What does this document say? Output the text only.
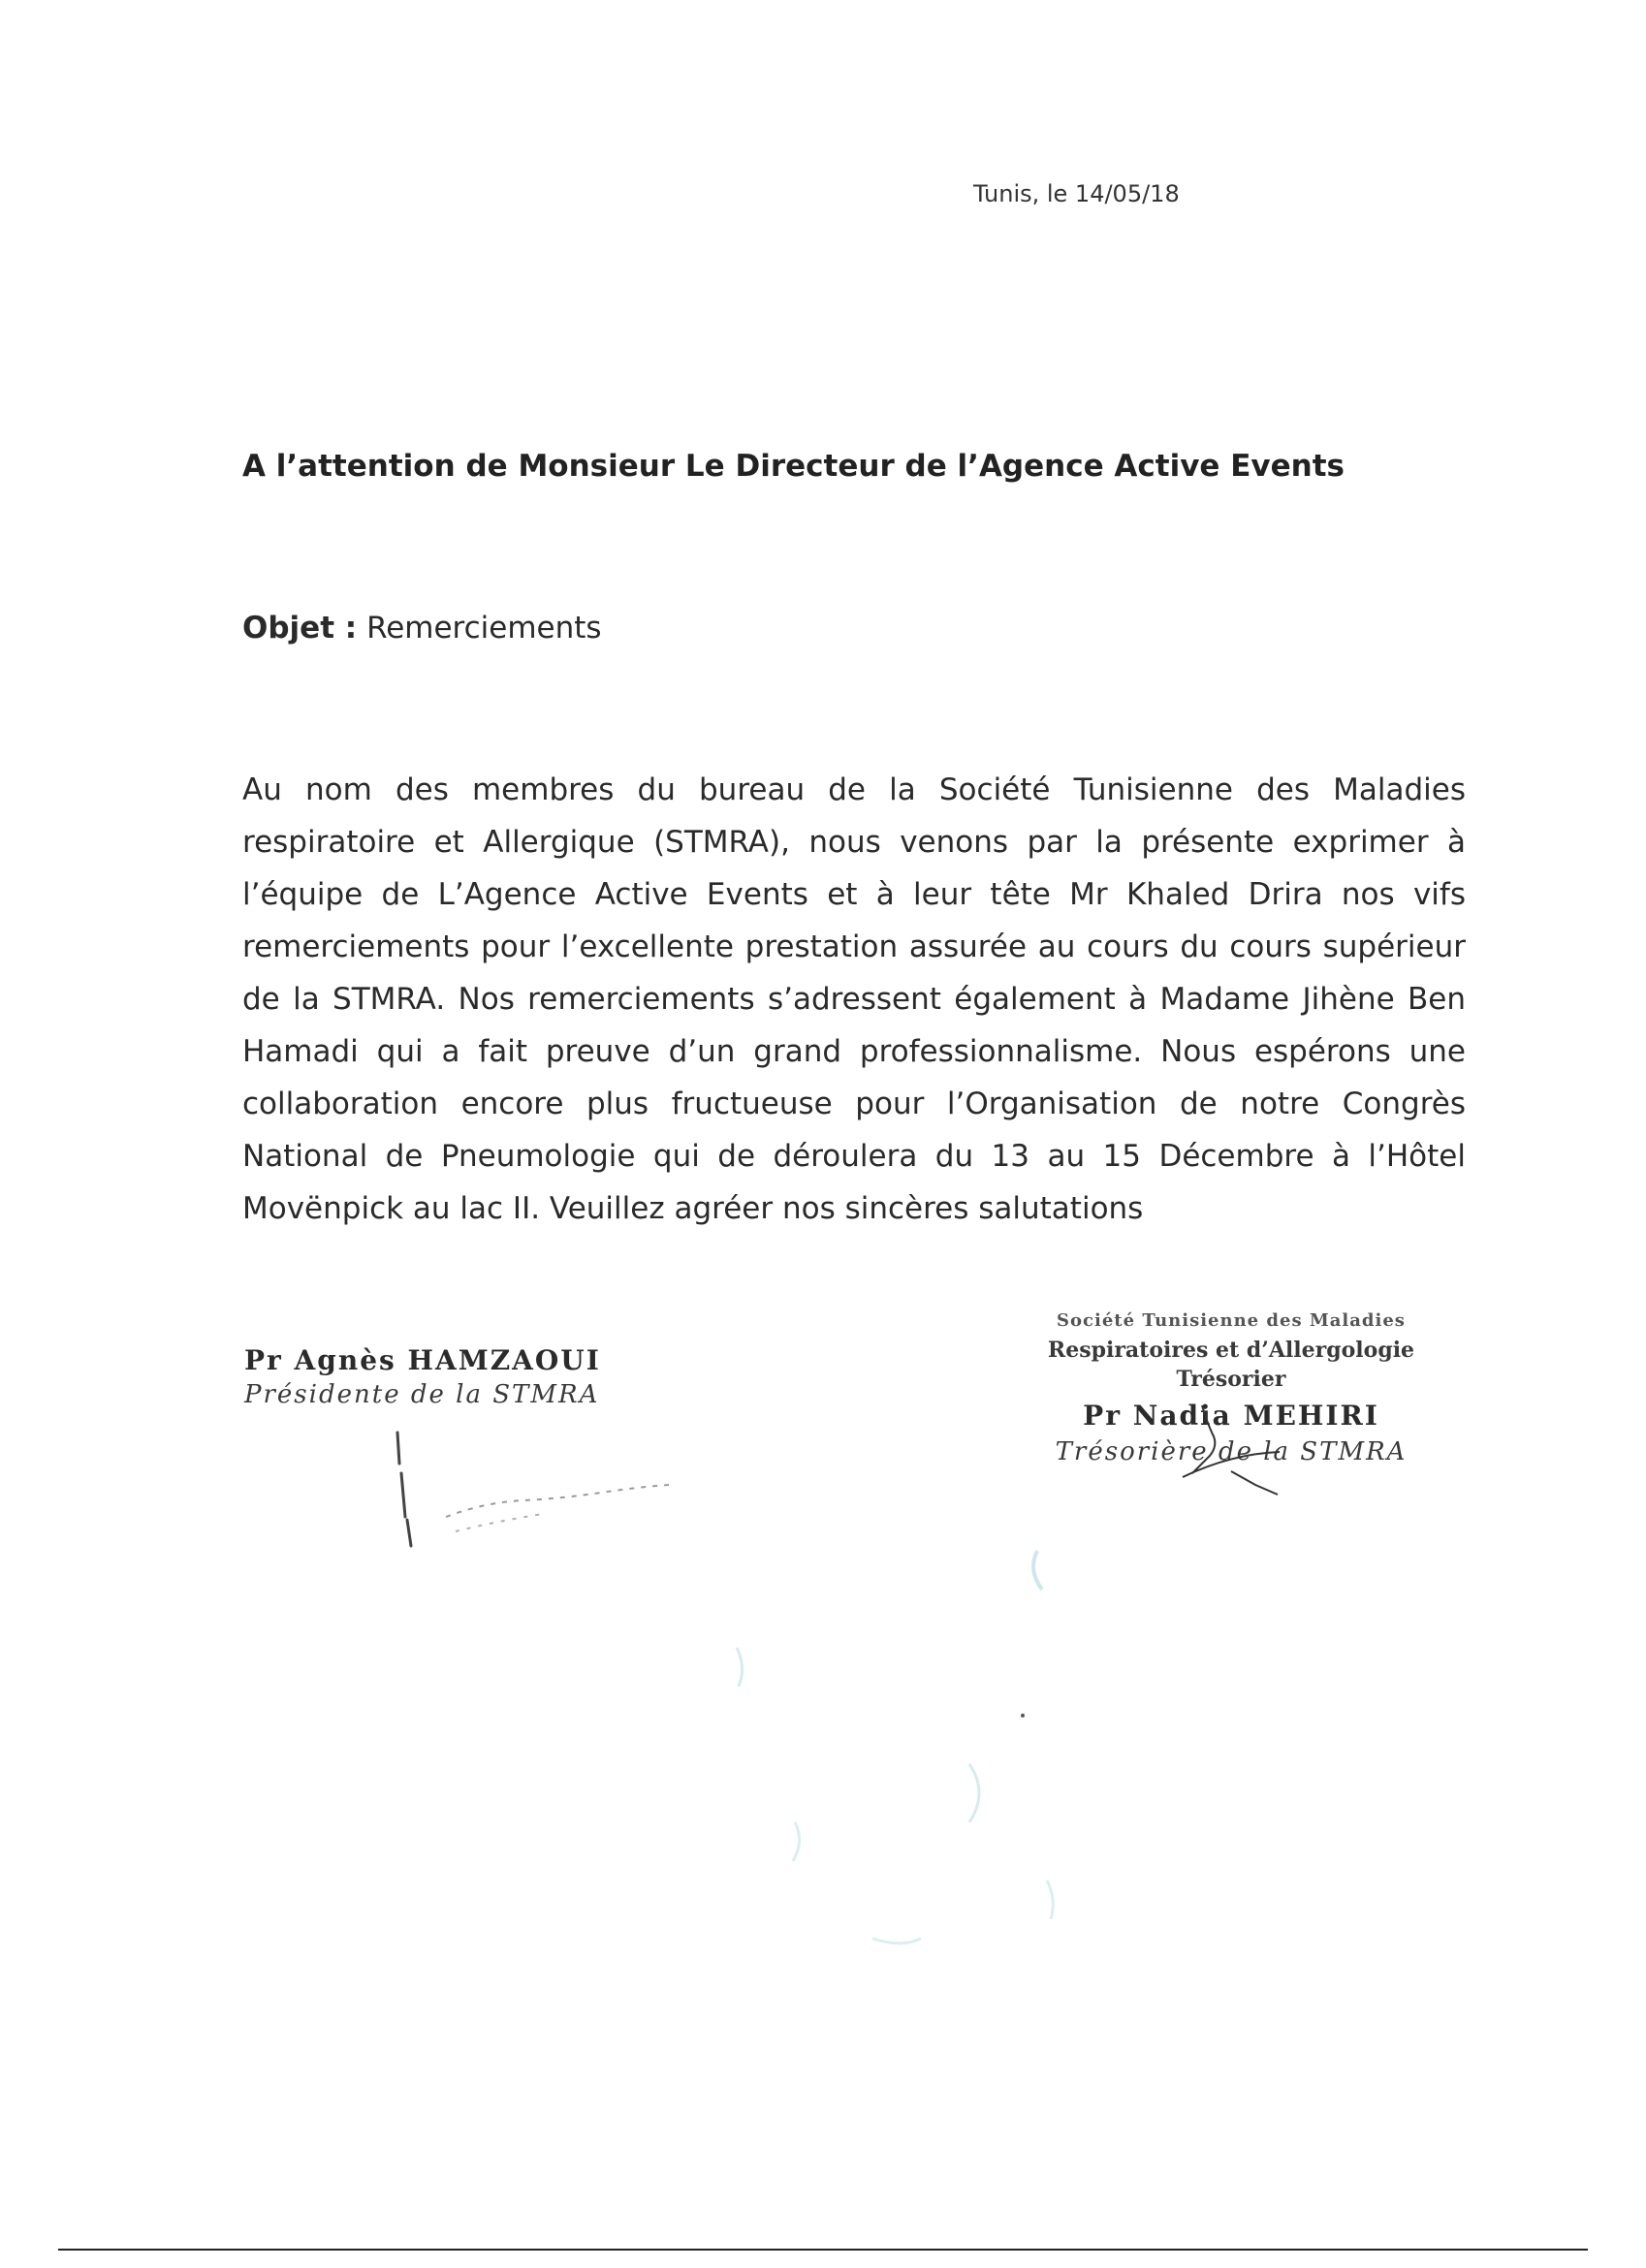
Tunis, le 14/05/18
A l’attention de Monsieur Le Directeur de l’Agence Active Events
Objet : Remerciements
Au nom des membres du bureau de la Société Tunisienne des Maladies respiratoire et Allergique (STMRA), nous venons par la présente exprimer à l’équipe de L’Agence Active Events et à leur tête Mr Khaled Drira nos vifs remerciements pour l’excellente prestation assurée au cours du cours supérieur de la STMRA. Nos remerciements s’adressent également à Madame Jihène Ben Hamadi qui a fait preuve d’un grand professionnalisme. Nous espérons une collaboration encore plus fructueuse pour l’Organisation de notre Congrès National de Pneumologie qui de déroulera du 13 au 15 Décembre à l’Hôtel Movënpick au lac II. Veuillez agréer nos sincères salutations
Pr Agnès HAMZAOUI
Présidente de la STMRA
Société Tunisienne des Maladies
Respiratoires et d’Allergologie
Trésorier
Pr Nadia MEHIRI
Trésorière de la STMRA
